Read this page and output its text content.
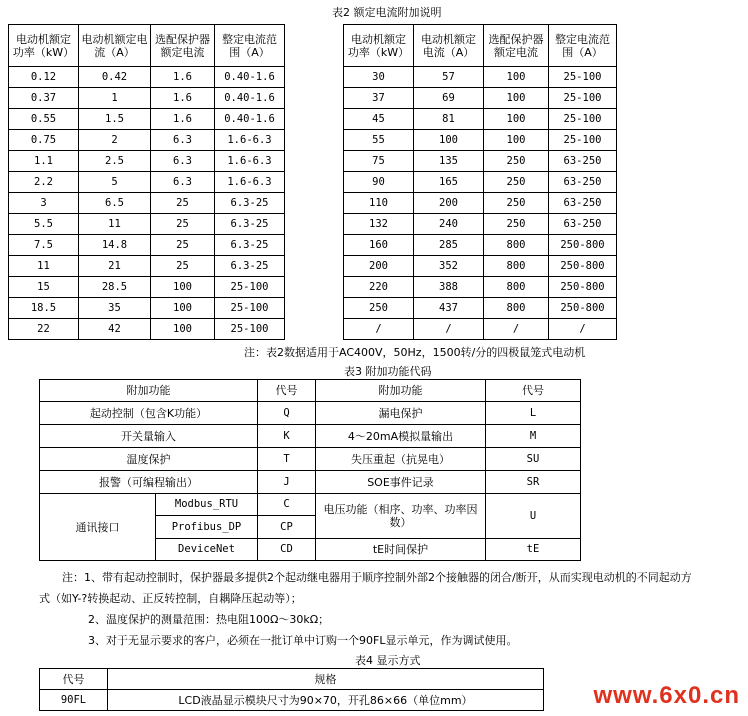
表2 额定电流附加说明
电动机额定功率（kW）	电动机额定电流（A）	选配保护器额定电流	整定电流范围（A）
0.12	0.42	1.6	0.40-1.6
0.37	1	1.6	0.40-1.6
0.55	1.5	1.6	0.40-1.6
0.75	2	6.3	1.6-6.3
1.1	2.5	6.3	1.6-6.3
2.2	5	6.3	1.6-6.3
3	6.5	25	6.3-25
5.5	11	25	6.3-25
7.5	14.8	25	6.3-25
11	21	25	6.3-25
15	28.5	100	25-100
18.5	35	100	25-100
22	42	100	25-100
电动机额定功率（kW）	电动机额定电流（A）	选配保护器额定电流	整定电流范围（A）
30	57	100	25-100
37	69	100	25-100
45	81	100	25-100
55	100	100	25-100
75	135	250	63-250
90	165	250	63-250
110	200	250	63-250
132	240	250	63-250
160	285	800	250-800
200	352	800	250-800
220	388	800	250-800
250	437	800	250-800
/	/	/	/
注：表2数据适用于AC400V，50Hz，1500转/分的四极鼠笼式电动机
表3 附加功能代码
附加功能		代号	附加功能	代号
起动控制（包含K功能）		Q	漏电保护	L
开关量输入		K	4～20mA模拟量输出	M
温度保护		T	失压重起（抗晃电）	SU
报警（可编程输出）		J	SOE事件记录	SR
通讯接口	Modbus_RTU	C	电压功能（相序、功率、功率因数）	U
	Profibus_DP	CP		
	DeviceNet	CD	tE时间保护	tE
注：1、带有起动控制时，保护器最多提供2个起动继电器用于顺序控制外部2个接触器的闭合/断开，从而实现电动机的不同起动方
式（如Y-?转换起动、正反转控制，自耦降压起动等）；
2、温度保护的测量范围：热电阻100Ω～30kΩ；
3、对于无显示要求的客户，必须在一批订单中订购一个90FL显示单元，作为调试使用。
表4 显示方式
代号	规格
90FL	LCD液晶显示模块尺寸为90×70，开孔86×66（单位mm）	www.6x0.cn
